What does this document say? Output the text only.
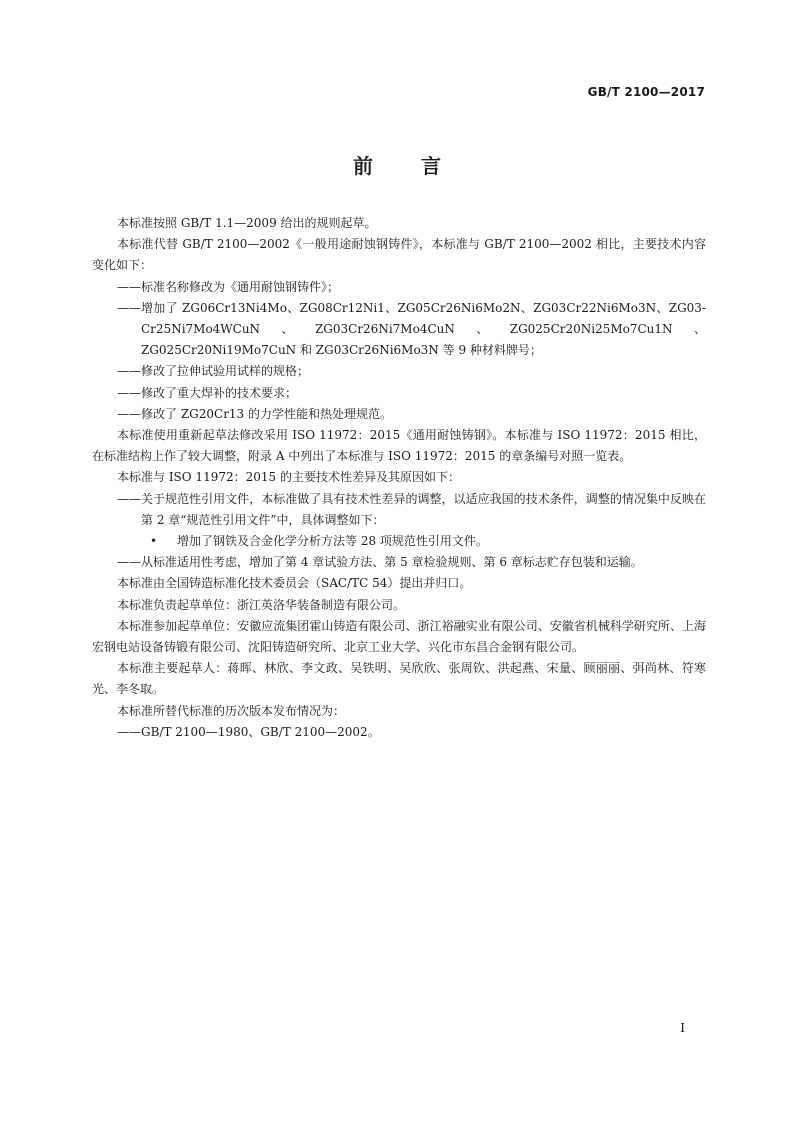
GB/T 2100—2017
前言

本标准按照 GB/T 1.1—2009 给出的规则起草。

本标准代替 GB/T 2100—2002《一般用途耐蚀钢铸件》，本标准与 GB/T 2100—2002 相比，主要技术内容变化如下：

—— 标准名称修改为《通用耐蚀钢铸件》；

—— 增加了 ZG06Cr13Ni4Mo、ZG08Cr12Ni1、ZG05Cr26Ni6Mo2N、ZG03Cr22Ni6Mo3N、ZG03-Cr25Ni7Mo4WCuN、ZG03Cr26Ni7Mo4CuN、ZG025Cr20Ni25Mo7Cu1N、ZG025Cr20Ni19Mo7CuN 和 ZG03Cr26Ni6Mo3N 等 9 种材料牌号；

—— 修改了拉伸试验用试样的规格；

—— 修改了重大焊补的技术要求；

—— 修改了 ZG20Cr13 的力学性能和热处理规范。

本标准使用重新起草法修改采用 ISO 11972：2015《通用耐蚀铸钢》。本标准与 ISO 11972：2015 相比，在标准结构上作了较大调整，附录 A 中列出了本标准与 ISO 11972：2015 的章条编号对照一览表。

本标准与 ISO 11972：2015 的主要技术性差异及其原因如下：

—— 关于规范性引用文件，本标准做了具有技术性差异的调整，以适应我国的技术条件，调整的情况集中反映在第 2 章“规范性引用文件”中，具体调整如下：

• 增加了钢铁及合金化学分析方法等 28 项规范性引用文件。

—— 从标准适用性考虑，增加了第 4 章试验方法、第 5 章检验规则、第 6 章标志贮存包装和运输。

本标准由全国铸造标准化技术委员会（SAC/TC 54）提出并归口。

本标准负责起草单位：浙江英洛华装备制造有限公司。

本标准参加起草单位：安徽应流集团霍山铸造有限公司、浙江裕融实业有限公司、安徽省机械科学研究所、上海宏钢电站设备铸锻有限公司、沈阳铸造研究所、北京工业大学、兴化市东昌合金钢有限公司。

本标准主要起草人：蒋晖、林欣、李文政、吴铁明、吴欣欣、张周钦、洪起燕、宋量、顾丽丽、弭尚林、符寒光、李冬取。

本标准所替代标准的历次版本发布情况为：

—— GB/T 2100—1980、GB/T 2100—2002。

I
